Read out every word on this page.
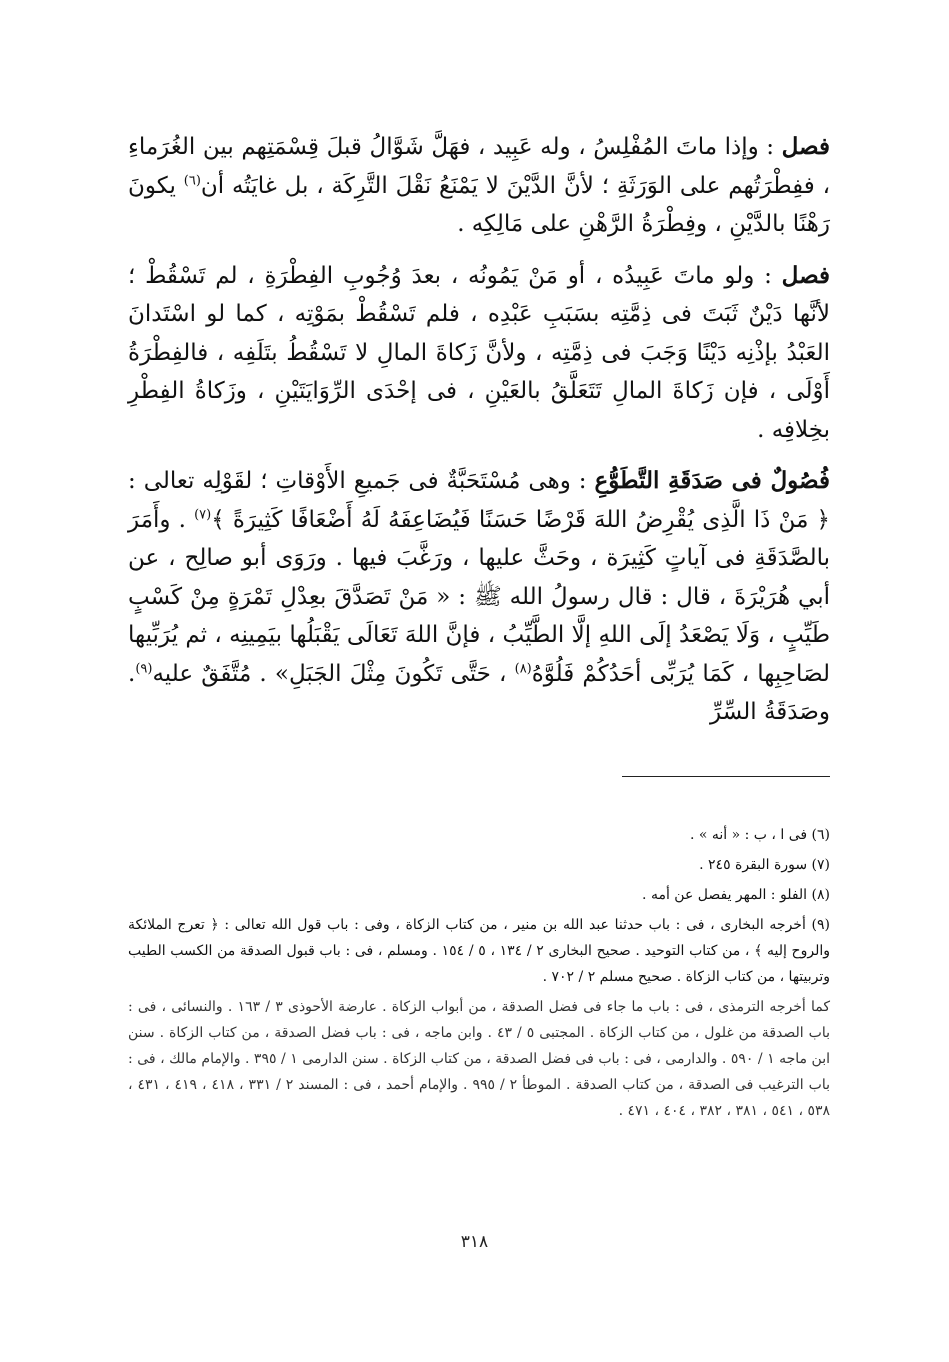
فصل : وإذا ماتَ المُفْلِسُ ، وله عَبِيد ، فهَلَّ شَوَّالُ قبلَ قِسْمَتِهم بين الغُرَماءِ ، ففِطْرَتُهم على الوَرَثَةِ ؛ لأنَّ الدَّيْنَ لا يَمْنَعُ نَقْلَ التَّرِكَة ، بل غايَتُه أن$^{(٦)}$ يكونَ رَهْنًا بالدَّيْنِ ، وفِطْرَةُ الرَّهْنِ على مَالِكِه .

فصل : ولو ماتَ عَبِيدُه ، أو مَنْ يَمُونُه ، بعدَ وُجُوبِ الفِطْرَةِ ، لم تَسْقُطْ ؛ لأنَّها دَيْنٌ ثَبَتَ فى ذِمَّتِه بسَبَبِ عَبْدِه ، فلم تَسْقُطْ بمَوْتِه ، كما لو اسْتَدانَ العَبْدُ بإذْنِه دَيْنًا وَجَبَ فى ذِمَّتِه ، ولأنَّ زَكاةَ المالِ لا تَسْقُطُ بتَلَفِه ، فالفِطْرَةُ أَوْلَى ، فإن زَكاةَ المالِ تَتَعَلَّقُ بالعَيْنِ ، فى إحْدَى الرِّوَايَتَيْنِ ، وزَكاةُ الفِطْرِ بخِلافِه .

فُصُولٌ فى صَدَقَةِ التَّطَوُّعِ : وهى مُسْتَحَبَّةٌ فى جَميعِ الأَوْقاتِ ؛ لقَوْلِه تعالى : ﴿ مَنْ ذَا الَّذِى يُقْرِضُ اللهَ قَرْضًا حَسَنًا فَيُضَاعِفَهُ لَهُ أَضْعَافًا كَثِيرَةً ﴾$^{(٧)}$ . وأَمَرَ بالصَّدَقَةِ فى آياتٍ كَثِيرَة ، وحَثَّ عليها ، ورَغَّبَ فيها . ورَوَى أبو صالِح ، عن أبي هُرَيْرَةَ ، قال : قال رسولُ الله ﷺ : « مَنْ تَصَدَّقَ بعِدْلِ تَمْرَةٍ مِنْ كَسْبٍ طَيِّبٍ ، وَلَا يَصْعَدُ إلَى اللهِ إلَّا الطَّيِّبُ ، فإنَّ اللهَ تَعَالَى يَقْبَلُها بيَمِينِه ، ثم يُرَبِّيها لصَاحِبِها ، كَمَا يُرَبِّى أحَدُكُمْ فَلُوَّهُ$^{(٨)}$ ، حَتَّى تَكُونَ مِثْلَ الجَبَلِ» . مُتَّفَقٌ عليه$^{(٩)}$. وصَدَقَةُ السِّرِّ

(٦) فى ا ، ب : « أنه » .

(٧) سورة البقرة ٢٤٥ .

(٨) الفلو : المهر يفصل عن أمه .

(٩) أخرجه البخارى ، فى : باب حدثنا عبد الله بن منير ، من كتاب الزكاة ، وفى : باب قول الله تعالى : ﴿ تعرج الملائكة والروح إليه ﴾ ، من كتاب التوحيد . صحيح البخارى ٢ / ١٣٤ ، ٥ / ١٥٤ . ومسلم ، فى : باب قبول الصدقة من الكسب الطيب وتربيتها ، من كتاب الزكاة . صحيح مسلم ٢ / ٧٠٢ .

كما أخرجه الترمذى ، فى : باب ما جاء فى فضل الصدقة ، من أبواب الزكاة . عارضة الأحوذى ٣ / ١٦٣ . والنسائى ، فى : باب الصدقة من غلول ، من كتاب الزكاة . المجتبى ٥ / ٤٣ . وابن ماجه ، فى : باب فضل الصدقة ، من كتاب الزكاة . سنن ابن ماجه ١ / ٥٩٠ . والدارمى ، فى : باب فى فضل الصدقة ، من كتاب الزكاة . سنن الدارمى ١ / ٣٩٥ . والإمام مالك ، فى : باب الترغيب فى الصدقة ، من كتاب الصدقة . الموطأ ٢ / ٩٩٥ . والإمام أحمد ، فى : المسند ٢ / ٣٣١ ، ٤١٨ ، ٤١٩ ، ٤٣١ ، ٥٣٨ ، ٥٤١ ، ٣٨١ ، ٣٨٢ ، ٤٠٤ ، ٤٧١ .

٣١٨
